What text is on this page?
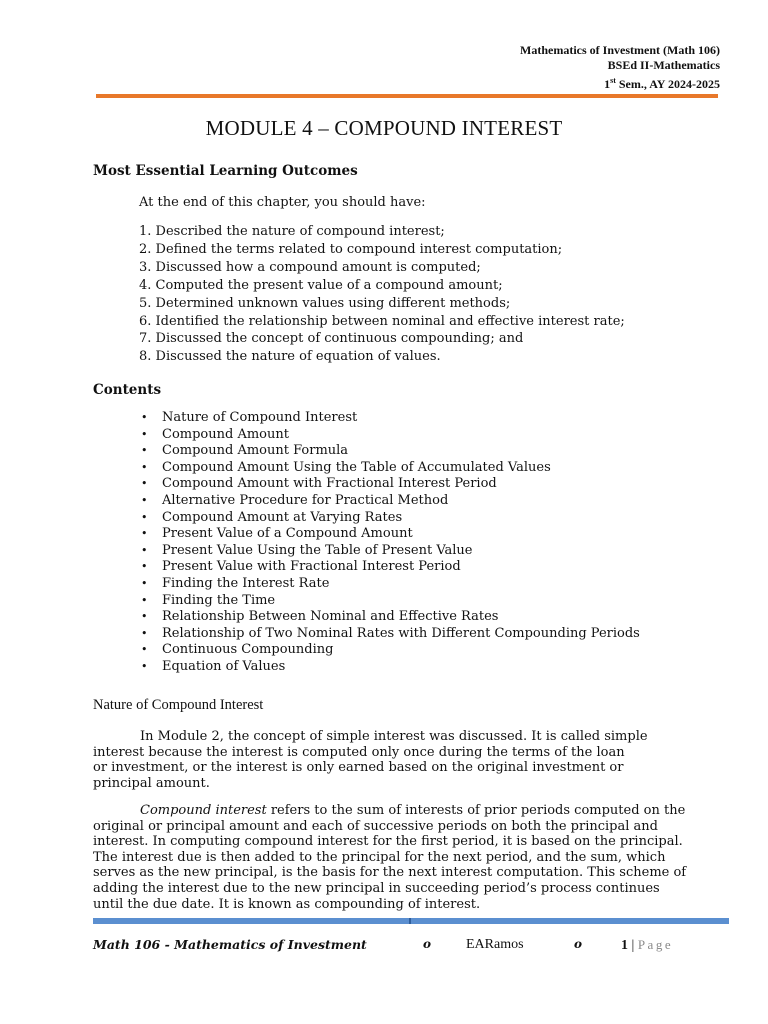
Mathematics of Investment (Math 106)
BSEd II-Mathematics
1st Sem., AY 2024-2025
MODULE 4 – COMPOUND INTEREST
Most Essential Learning Outcomes
At the end of this chapter, you should have:
1. Described the nature of compound interest;
2. Defined the terms related to compound interest computation;
3. Discussed how a compound amount is computed;
4. Computed the present value of a compound amount;
5. Determined unknown values using different methods;
6. Identified the relationship between nominal and effective interest rate;
7. Discussed the concept of continuous compounding; and
8. Discussed the nature of equation of values.
Contents
• Nature of Compound Interest
• Compound Amount
• Compound Amount Formula
• Compound Amount Using the Table of Accumulated Values
• Compound Amount with Fractional Interest Period
• Alternative Procedure for Practical Method
• Compound Amount at Varying Rates
• Present Value of a Compound Amount
• Present Value Using the Table of Present Value
• Present Value with Fractional Interest Period
• Finding the Interest Rate
• Finding the Time
• Relationship Between Nominal and Effective Rates
• Relationship of Two Nominal Rates with Different Compounding Periods
• Continuous Compounding
• Equation of Values
Nature of Compound Interest
In Module 2, the concept of simple interest was discussed. It is called simple
interest because the interest is computed only once during the terms of the loan
or investment, or the interest is only earned based on the original investment or
principal amount.
Compound interest refers to the sum of interests of prior periods computed on the
original or principal amount and each of successive periods on both the principal and
interest. In computing compound interest for the first period, it is based on the principal.
The interest due is then added to the principal for the next period, and the sum, which
serves as the new principal, is the basis for the next interest computation. This scheme of
adding the interest due to the new principal in succeeding period’s process continues
until the due date. It is known as compounding of interest.
Math 106 - Mathematics of Investment	o EARamos	o	1 | Page
